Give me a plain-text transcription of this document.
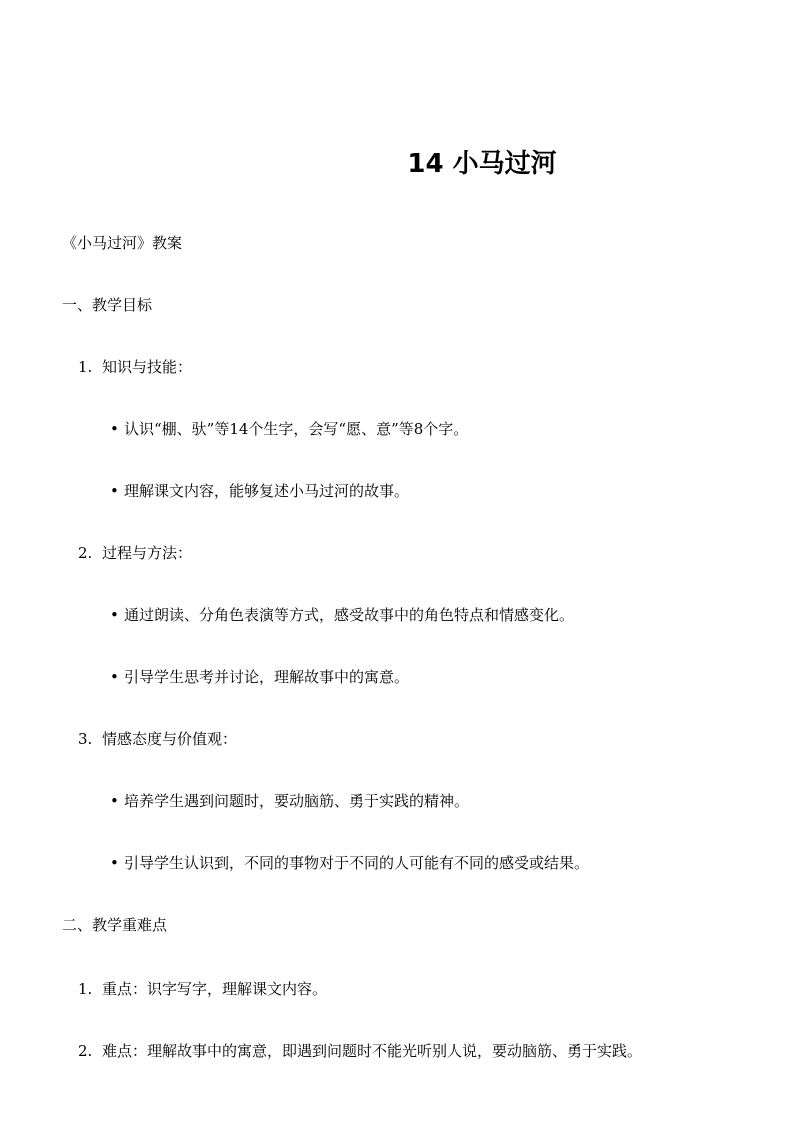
14 小马过河
《小马过河》教案
一、教学目标
1. 知识与技能：
• 认识“棚、驮”等14个生字，会写“愿、意”等8个字。
• 理解课文内容，能够复述小马过河的故事。
2. 过程与方法：
• 通过朗读、分角色表演等方式，感受故事中的角色特点和情感变化。
• 引导学生思考并讨论，理解故事中的寓意。
3. 情感态度与价值观：
• 培养学生遇到问题时，要动脑筋、勇于实践的精神。
• 引导学生认识到，不同的事物对于不同的人可能有不同的感受或结果。
二、教学重难点
1. 重点：识字写字，理解课文内容。
2. 难点：理解故事中的寓意，即遇到问题时不能光听别人说，要动脑筋、勇于实践。
